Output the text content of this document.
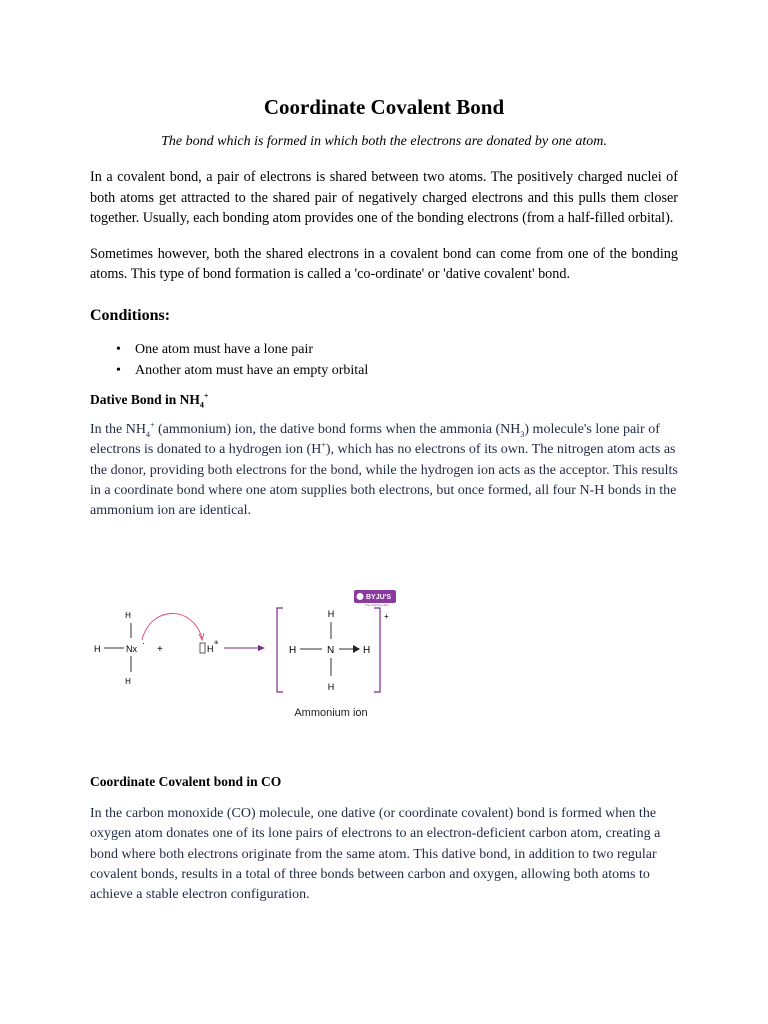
Coordinate Covalent Bond

The bond which is formed in which both the electrons are donated by one atom.

In a covalent bond, a pair of electrons is shared between two atoms. The positively charged nuclei of both atoms get attracted to the shared pair of negatively charged electrons and this pulls them closer together. Usually, each bonding atom provides one of the bonding electrons (from a half-filled orbital).

Sometimes however, both the shared electrons in a covalent bond can come from one of the bonding atoms. This type of bond formation is called a 'co-ordinate' or 'dative covalent' bond.

Conditions:
• One atom must have a lone pair
• Another atom must have an empty orbital
Dative Bond in $NH_4^+$

In the $NH_4^+$ (ammonium) ion, the dative bond forms when the ammonia $(NH_3)$ molecule's lone pair of electrons is donated to a hydrogen ion (H+), which has no electrons of its own. The nitrogen atom acts as the donor, providing both electrons for the bond, while the hydrogen ion acts as the acceptor. This results in a coordinate bond where one atom supplies both electrons, but once formed, all four N-H bonds in the ammonium ion are identical.

H
H	Nx
·
H
+	H
⊕
+
H
H	N	H
H
Ammonium ion
BYJU'S
The Learning App
Coordinate Covalent bond in CO

In the carbon monoxide (CO) molecule, one dative (or coordinate covalent) bond is formed when the oxygen atom donates one of its lone pairs of electrons to an electron-deficient carbon atom, creating a bond where both electrons originate from the same atom. This dative bond, in addition to two regular covalent bonds, results in a total of three bonds between carbon and oxygen, allowing both atoms to achieve a stable electron configuration.
